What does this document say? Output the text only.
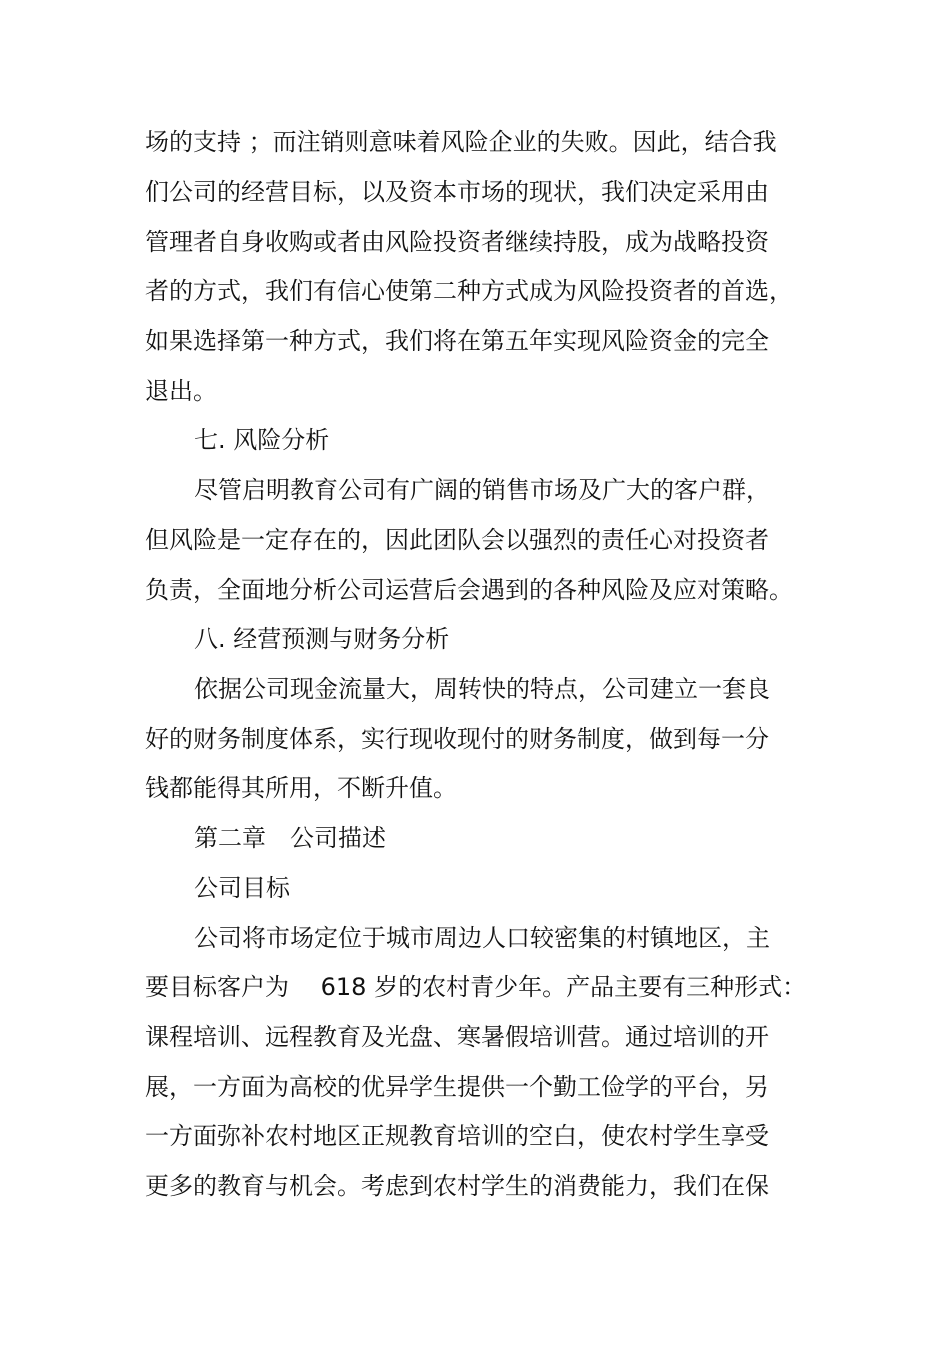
场的支持 ；而注销则意味着风险企业的失败。因此，结合我
们公司的经营目标，以及资本市场的现状，我们决定采用由
管理者自身收购或者由风险投资者继续持股，成为战略投资
者的方式，我们有信心使第二种方式成为风险投资者的首选，
如果选择第一种方式，我们将在第五年实现风险资金的完全
退出。
七. 风险分析
尽管启明教育公司有广阔的销售市场及广大的客户群，
但风险是一定存在的，因此团队会以强烈的责任心对投资者
负责，全面地分析公司运营后会遇到的各种风险及应对策略。
八. 经营预测与财务分析
依据公司现金流量大，周转快的特点，公司建立一套良
好的财务制度体系，实行现收现付的财务制度，做到每一分
钱都能得其所用，不断升值。
第二章　公司描述
公司目标
公司将市场定位于城市周边人口较密集的村镇地区，主
要目标客户为　 618 岁的农村青少年。产品主要有三种形式：
课程培训、远程教育及光盘、寒暑假培训营。通过培训的开
展，一方面为高校的优异学生提供一个勤工俭学的平台，另
一方面弥补农村地区正规教育培训的空白，使农村学生享受
更多的教育与机会。考虑到农村学生的消费能力，我们在保
